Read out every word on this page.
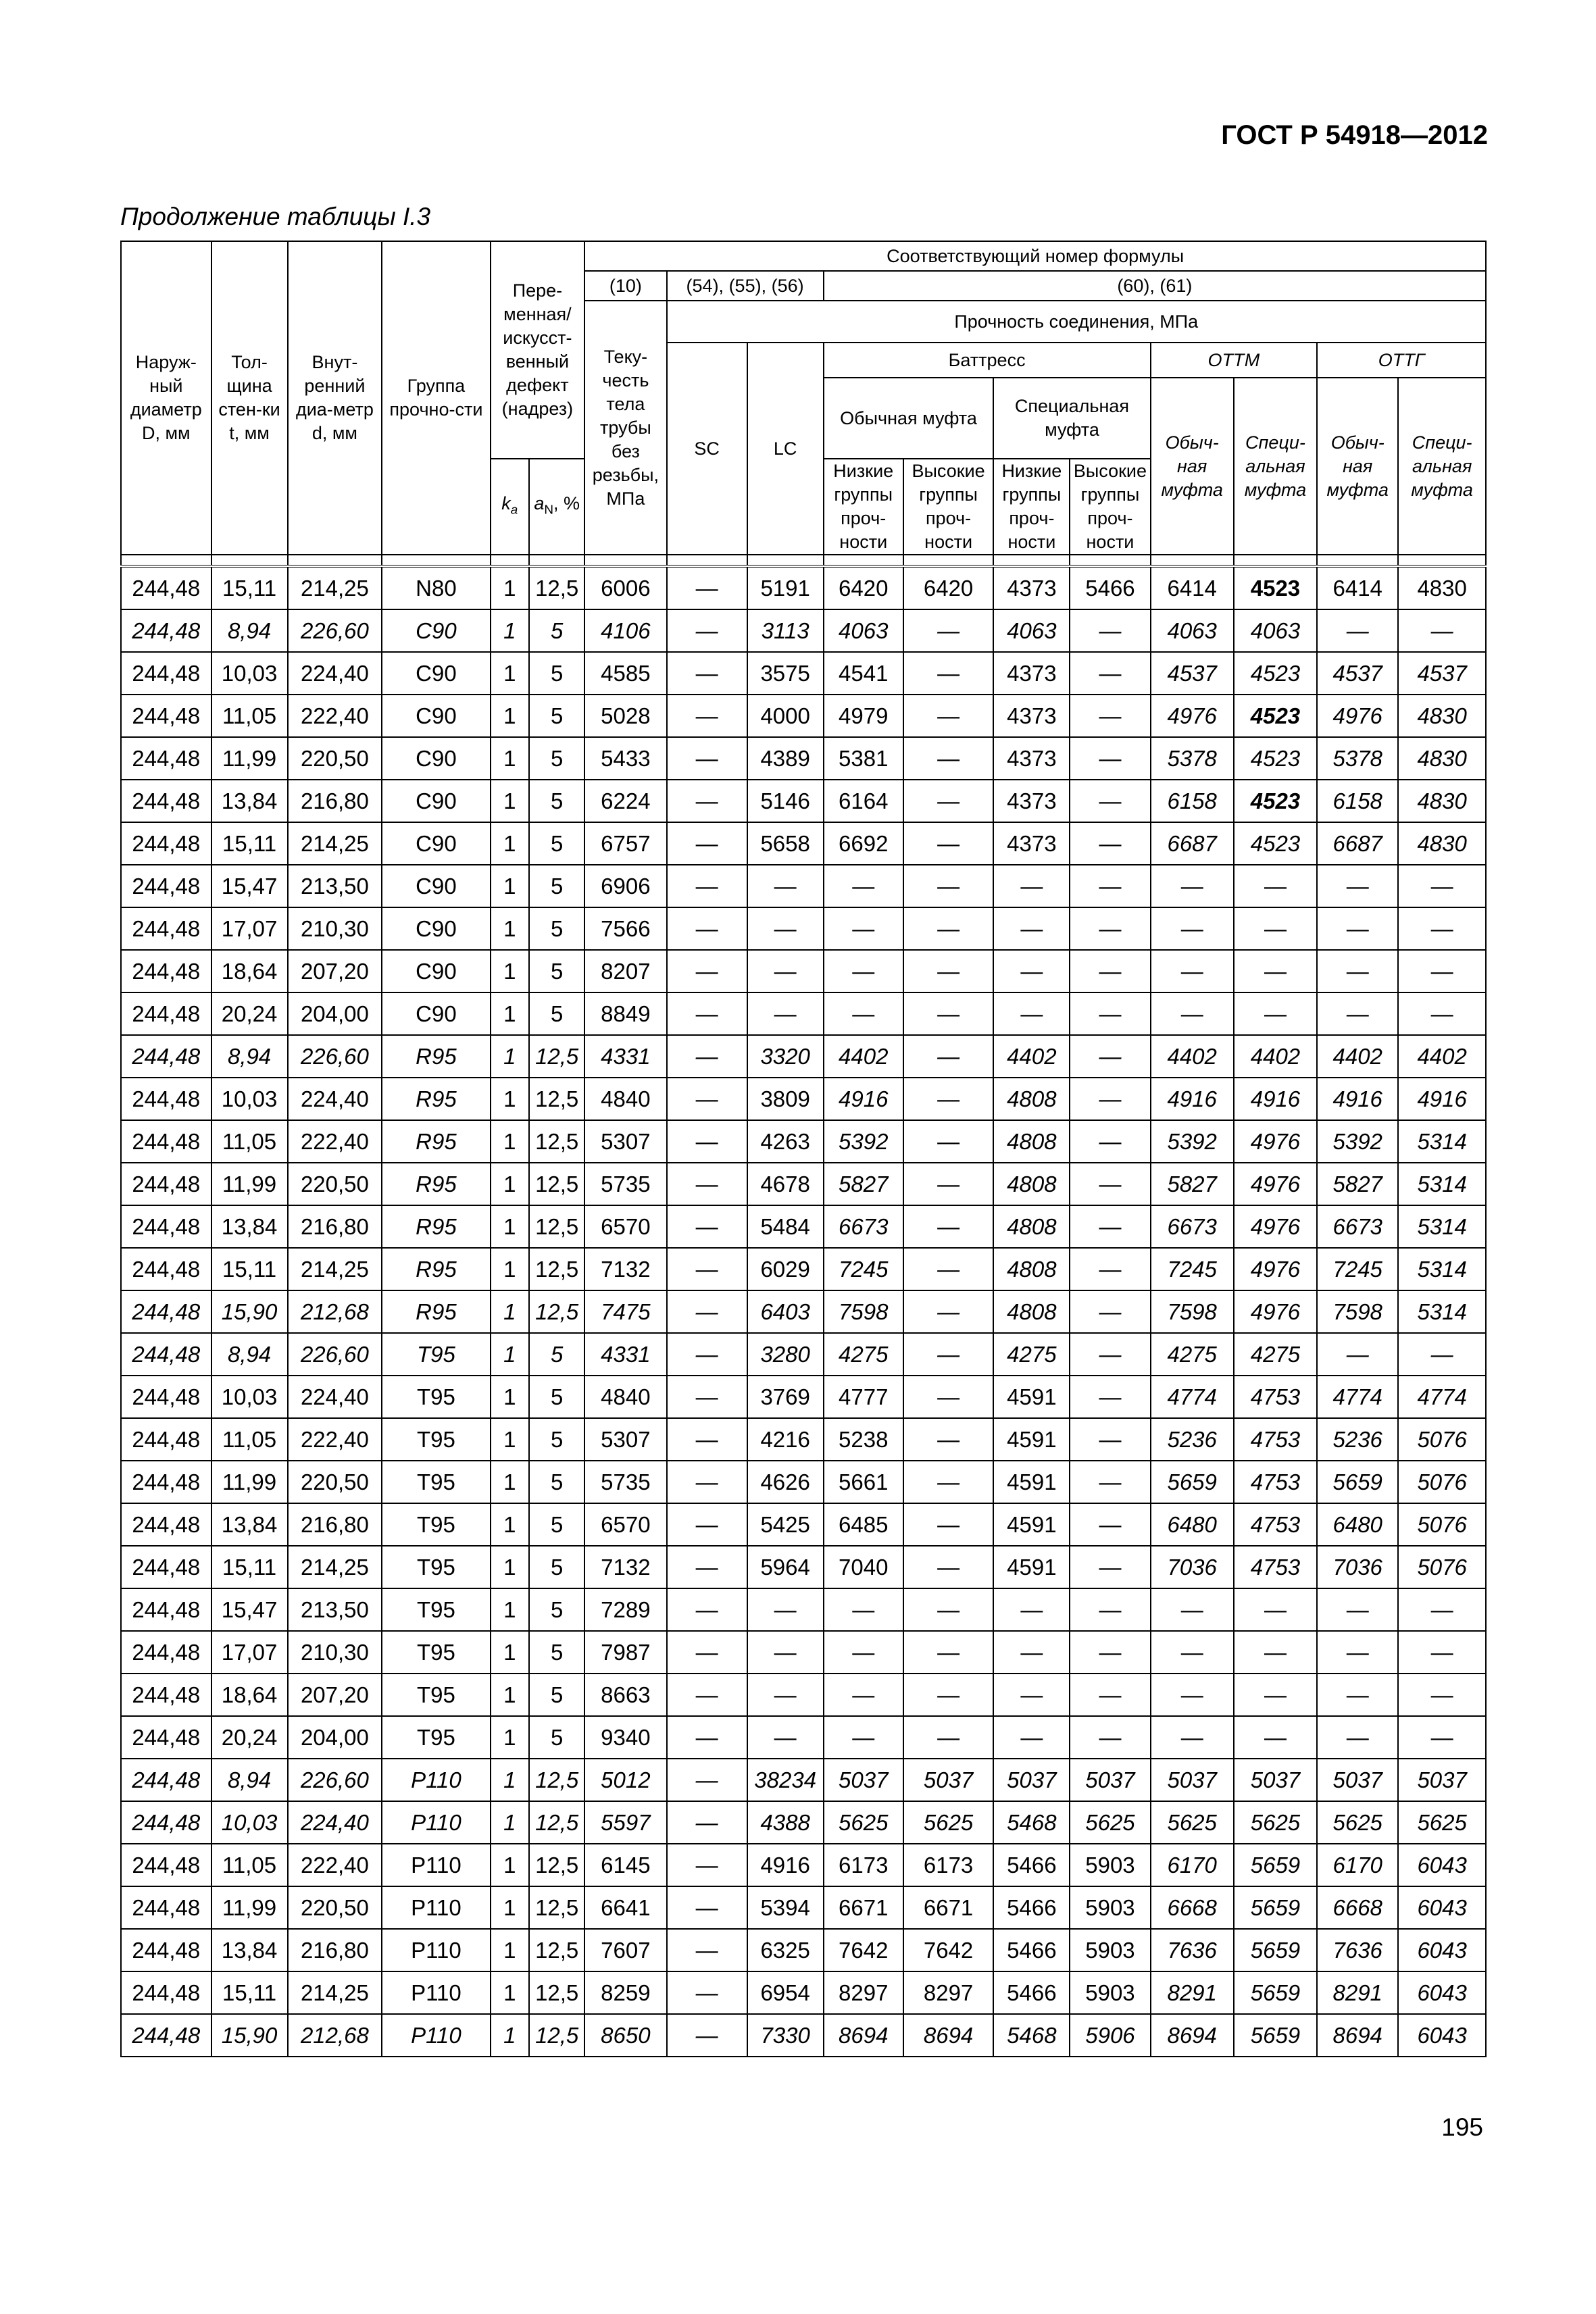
ГОСТ Р 54918—2012
Продолжение таблицы I.3
Наруж-ный диаметр D, мм	Тол-щина стен-ки t, мм	Внут-ренний диа-метр d, мм	Группа прочно-сти	Пере-менная/ искусст-венный дефект (надрез)		Соответствующий номер формулы										
						(10)	(54), (55), (56)		(60), (61)							
						Теку-честь тела трубы без резьбы, МПа	Прочность соединения, МПа									
							SC	LC	Баттресс				ОТТМ		ОТТГ	
									Обычная муфта		Специальная муфта		Обыч-ная муфта	Специ-альная муфта	Обыч-ная муфта	Специ-альная муфта
				$k_a$	$a_N$, %				Низкие группы проч-ности	Высокие группы проч-ности	Низкие группы проч-ности	Высокие группы проч-ности				

244,48	15,11	214,25	N80	1	12,5	6006	—	5191	6420	6420	4373	5466	6414	4523	6414	4830
244,48	8,94	226,60	C90	1	5	4106	—	3113	4063	—	4063	—	4063	4063	—	—
244,48	10,03	224,40	C90	1	5	4585	—	3575	4541	—	4373	—	4537	4523	4537	4537
244,48	11,05	222,40	C90	1	5	5028	—	4000	4979	—	4373	—	4976	4523	4976	4830
244,48	11,99	220,50	C90	1	5	5433	—	4389	5381	—	4373	—	5378	4523	5378	4830
244,48	13,84	216,80	C90	1	5	6224	—	5146	6164	—	4373	—	6158	4523	6158	4830
244,48	15,11	214,25	C90	1	5	6757	—	5658	6692	—	4373	—	6687	4523	6687	4830
244,48	15,47	213,50	C90	1	5	6906	—	—	—	—	—	—	—	—	—	—
244,48	17,07	210,30	C90	1	5	7566	—	—	—	—	—	—	—	—	—	—
244,48	18,64	207,20	C90	1	5	8207	—	—	—	—	—	—	—	—	—	—
244,48	20,24	204,00	C90	1	5	8849	—	—	—	—	—	—	—	—	—	—
244,48	8,94	226,60	R95	1	12,5	4331	—	3320	4402	—	4402	—	4402	4402	4402	4402
244,48	10,03	224,40	R95	1	12,5	4840	—	3809	4916	—	4808	—	4916	4916	4916	4916
244,48	11,05	222,40	R95	1	12,5	5307	—	4263	5392	—	4808	—	5392	4976	5392	5314
244,48	11,99	220,50	R95	1	12,5	5735	—	4678	5827	—	4808	—	5827	4976	5827	5314
244,48	13,84	216,80	R95	1	12,5	6570	—	5484	6673	—	4808	—	6673	4976	6673	5314
244,48	15,11	214,25	R95	1	12,5	7132	—	6029	7245	—	4808	—	7245	4976	7245	5314
244,48	15,90	212,68	R95	1	12,5	7475	—	6403	7598	—	4808	—	7598	4976	7598	5314
244,48	8,94	226,60	T95	1	5	4331	—	3280	4275	—	4275	—	4275	4275	—	—
244,48	10,03	224,40	T95	1	5	4840	—	3769	4777	—	4591	—	4774	4753	4774	4774
244,48	11,05	222,40	T95	1	5	5307	—	4216	5238	—	4591	—	5236	4753	5236	5076
244,48	11,99	220,50	T95	1	5	5735	—	4626	5661	—	4591	—	5659	4753	5659	5076
244,48	13,84	216,80	T95	1	5	6570	—	5425	6485	—	4591	—	6480	4753	6480	5076
244,48	15,11	214,25	T95	1	5	7132	—	5964	7040	—	4591	—	7036	4753	7036	5076
244,48	15,47	213,50	T95	1	5	7289	—	—	—	—	—	—	—	—	—	—
244,48	17,07	210,30	T95	1	5	7987	—	—	—	—	—	—	—	—	—	—
244,48	18,64	207,20	T95	1	5	8663	—	—	—	—	—	—	—	—	—	—
244,48	20,24	204,00	T95	1	5	9340	—	—	—	—	—	—	—	—	—	—
244,48	8,94	226,60	P110	1	12,5	5012	—	38234	5037	5037	5037	5037	5037	5037	5037	5037
244,48	10,03	224,40	P110	1	12,5	5597	—	4388	5625	5625	5468	5625	5625	5625	5625	5625
244,48	11,05	222,40	P110	1	12,5	6145	—	4916	6173	6173	5466	5903	6170	5659	6170	6043
244,48	11,99	220,50	P110	1	12,5	6641	—	5394	6671	6671	5466	5903	6668	5659	6668	6043
244,48	13,84	216,80	P110	1	12,5	7607	—	6325	7642	7642	5466	5903	7636	5659	7636	6043
244,48	15,11	214,25	P110	1	12,5	8259	—	6954	8297	8297	5466	5903	8291	5659	8291	6043
244,48	15,90	212,68	P110	1	12,5	8650	—	7330	8694	8694	5468	5906	8694	5659	8694	6043
195
